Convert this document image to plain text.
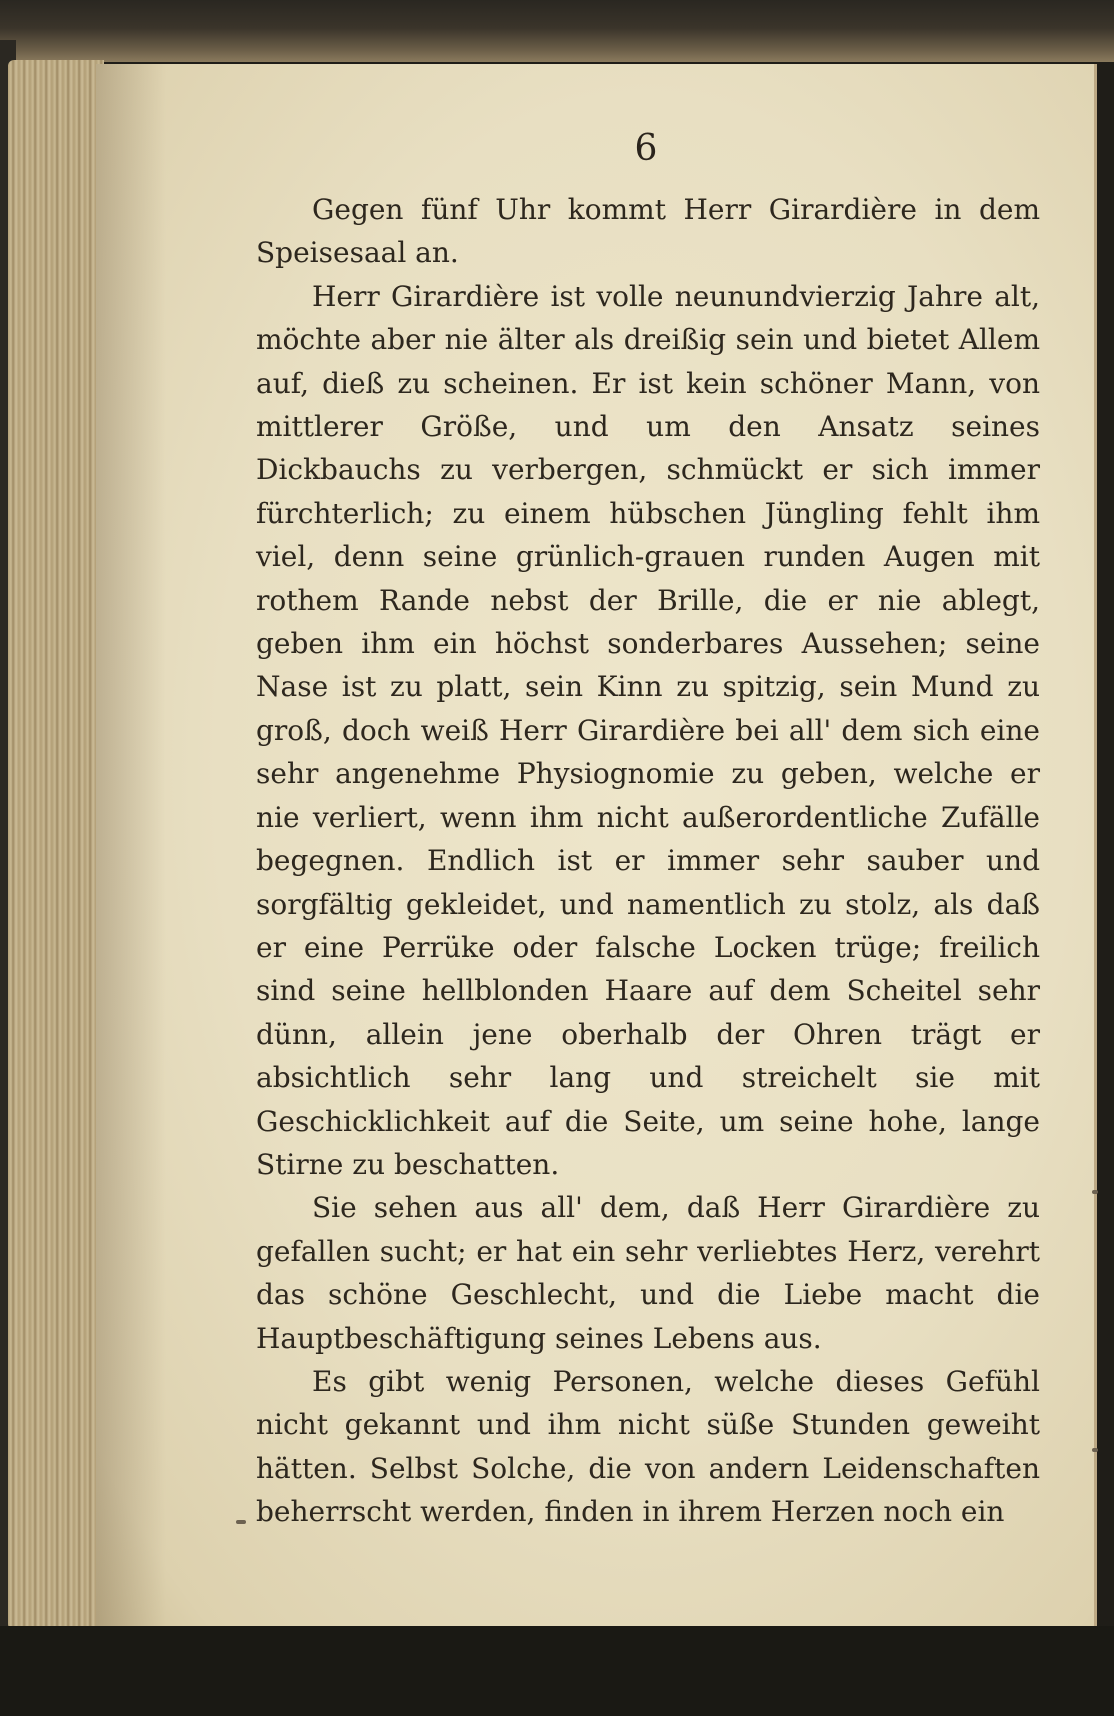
6

Gegen fünf Uhr kommt Herr Girardière in dem Speisesaal an.

Herr Girardière ist volle neunundvierzig Jahre alt, möchte aber nie älter als dreißig sein und bietet Allem auf, dieß zu scheinen. Er ist kein schöner Mann, von mittlerer Größe, und um den Ansatz seines Dickbauchs zu verbergen, schmückt er sich immer fürchterlich; zu einem hübschen Jüngling fehlt ihm viel, denn seine grünlich-grauen runden Augen mit rothem Rande nebst der Brille, die er nie ablegt, geben ihm ein höchst sonderbares Aussehen; seine Nase ist zu platt, sein Kinn zu spitzig, sein Mund zu groß, doch weiß Herr Girardière bei all' dem sich eine sehr angenehme Physiognomie zu geben, welche er nie verliert, wenn ihm nicht außerordentliche Zufälle begegnen. Endlich ist er immer sehr sauber und sorgfältig gekleidet, und namentlich zu stolz, als daß er eine Perrüke oder falsche Locken trüge; freilich sind seine hellblonden Haare auf dem Scheitel sehr dünn, allein jene oberhalb der Ohren trägt er absichtlich sehr lang und streichelt sie mit Geschicklichkeit auf die Seite, um seine hohe, lange Stirne zu beschatten.

Sie sehen aus all' dem, daß Herr Girardière zu gefallen sucht; er hat ein sehr verliebtes Herz, verehrt das schöne Geschlecht, und die Liebe macht die Hauptbeschäftigung seines Lebens aus.

Es gibt wenig Personen, welche dieses Gefühl nicht gekannt und ihm nicht süße Stunden geweiht hätten. Selbst Solche, die von andern Leidenschaften beherrscht werden, finden in ihrem Herzen noch ein
